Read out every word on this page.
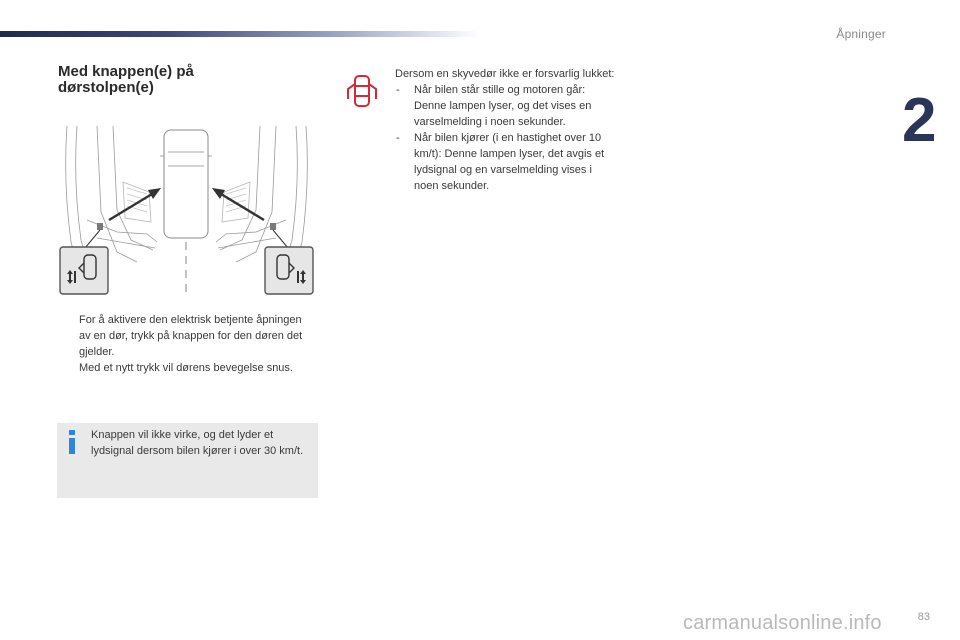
Åpninger
2
Med knappen(e) på
dørstolpen(e)
For å aktivere den elektrisk betjente åpningen av en dør, trykk på knappen for den døren det gjelder.
Med et nytt trykk vil dørens bevegelse snus.
Knappen vil ikke virke, og det lyder et lydsignal dersom bilen kjører i over 30 km/t.
Dersom en skyvedør ikke er forsvarlig lukket:
- Når bilen står stille og motoren går: Denne lampen lyser, og det vises en varselmelding i noen sekunder.
- Når bilen kjører (i en hastighet over 10 km/t): Denne lampen lyser, det avgis et lydsignal og en varselmelding vises i noen sekunder.
carmanualsonline.info	83
